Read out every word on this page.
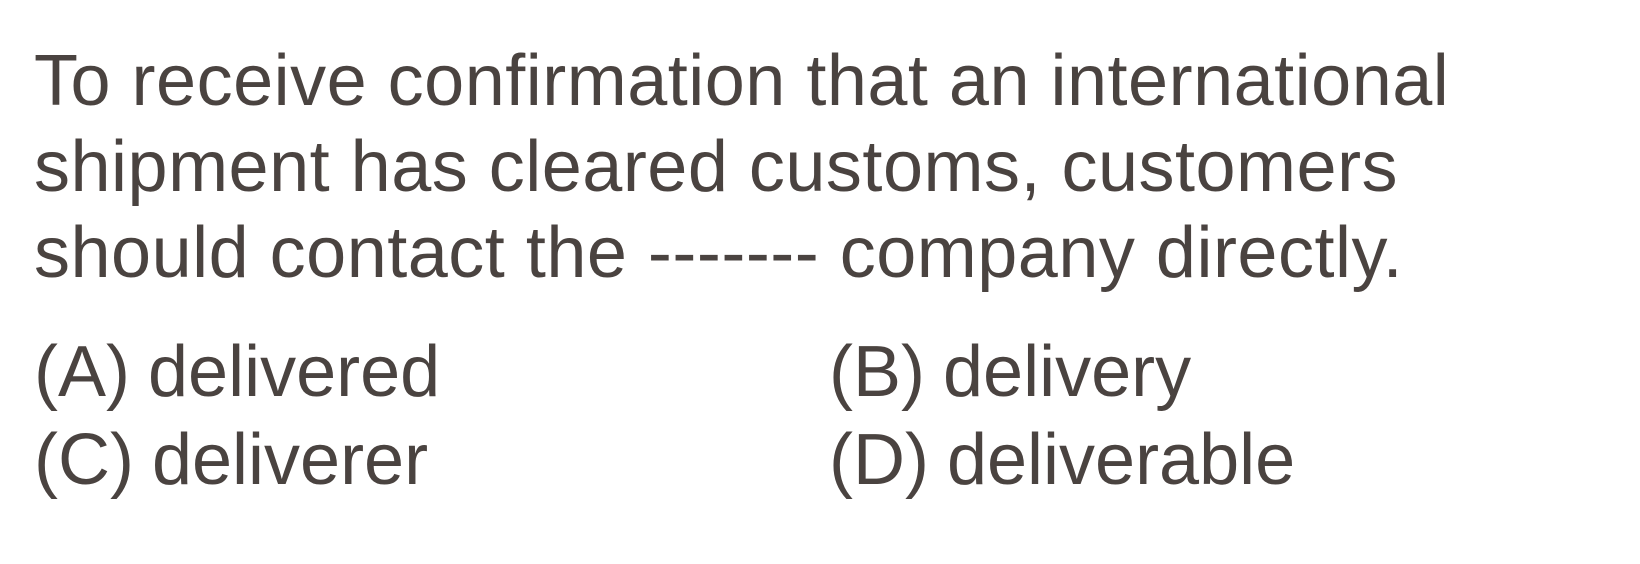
To receive confirmation that an international
shipment has cleared customs, customers
should contact the ------- company directly.
(A) delivered	(B) delivery
(C) deliverer	(D) deliverable
